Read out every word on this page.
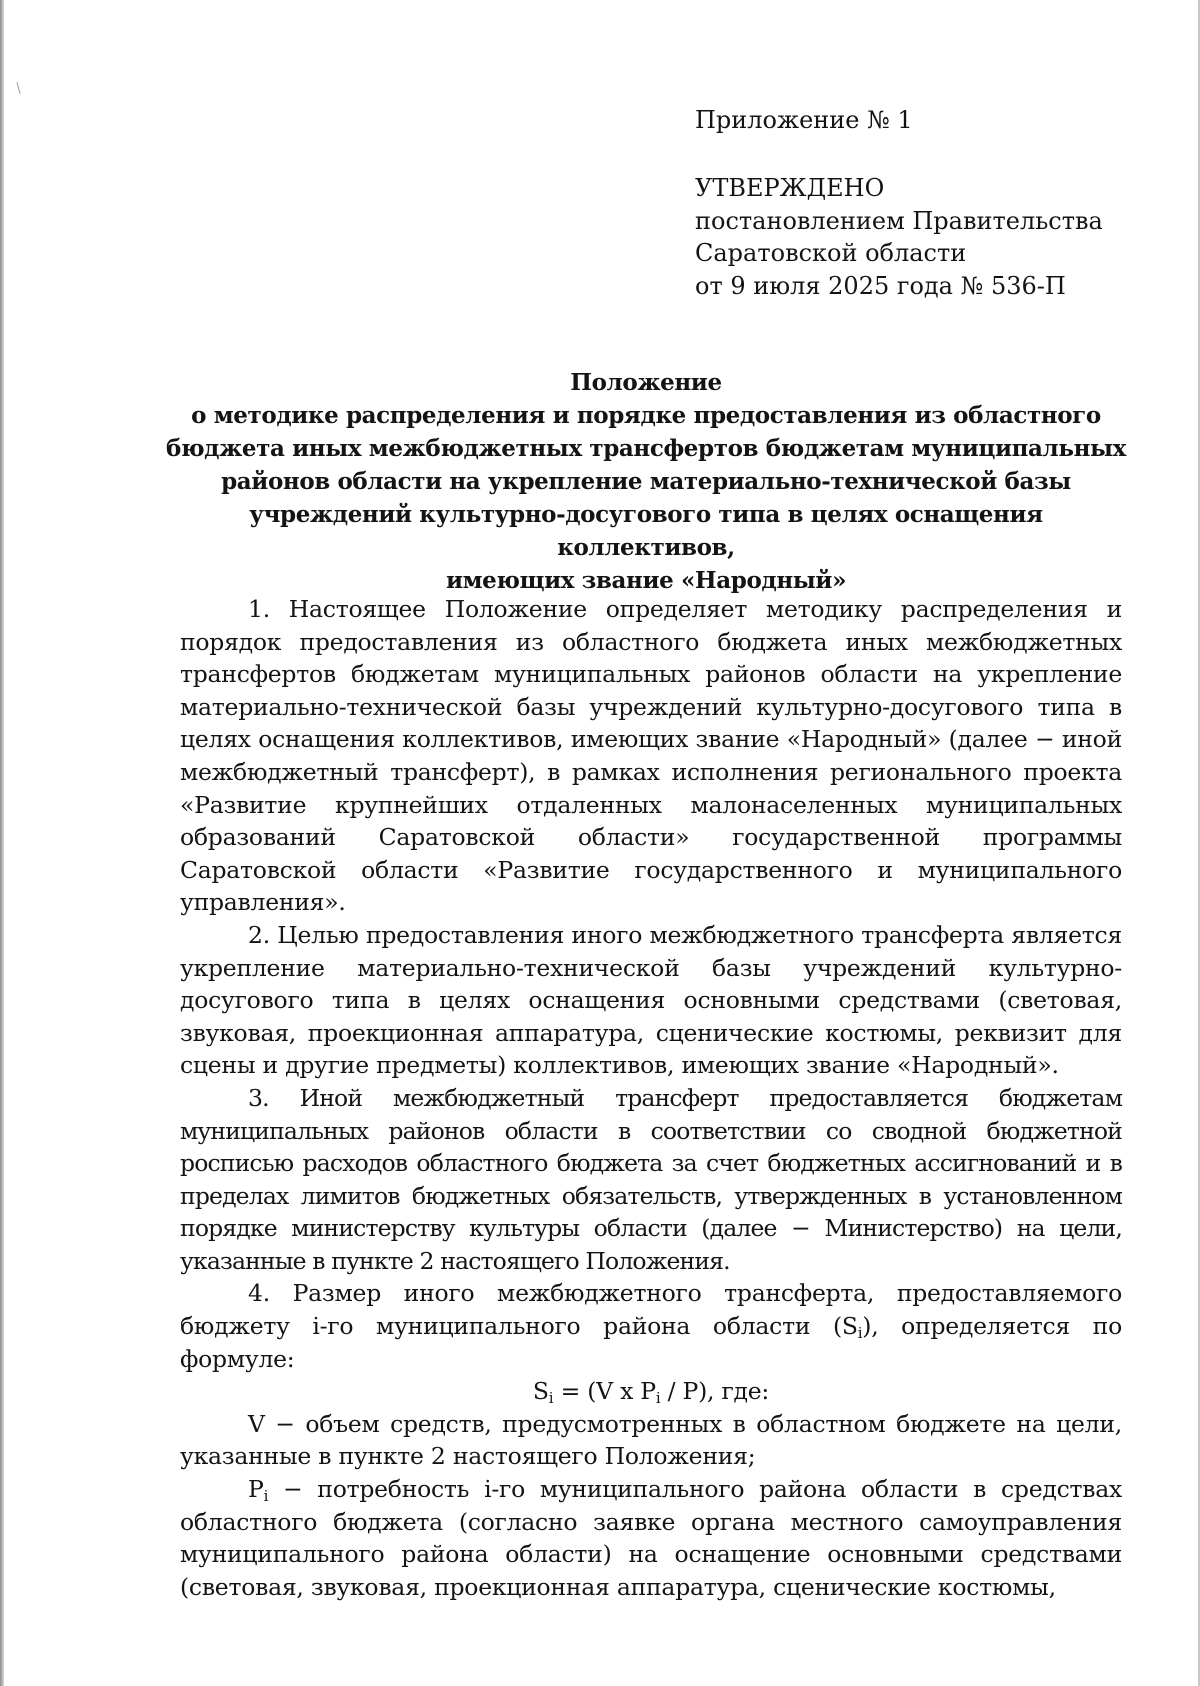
Приложение № 1
УТВЕРЖДЕНО
постановлением Правительства
Саратовской области
от 9 июля 2025 года № 536-П
Положение
о методике распределения и порядке предоставления из областного
бюджета иных межбюджетных трансфертов бюджетам муниципальных
районов области на укрепление материально-технической базы
учреждений культурно-досугового типа в целях оснащения коллективов,
имеющих звание «Народный»

1. Настоящее Положение определяет методику распределения и порядок предоставления из областного бюджета иных межбюджетных трансфертов бюджетам муниципальных районов области на укрепление материально-технической базы учреждений культурно-досугового типа в целях оснащения коллективов, имеющих звание «Народный» (далее − иной межбюджетный трансферт), в рамках исполнения регионального проекта «Развитие крупнейших отдаленных малонаселенных муниципальных образований Саратовской области» государственной программы Саратовской области «Развитие государственного и муниципального управления».

2. Целью предоставления иного межбюджетного трансферта является укрепление материально-технической базы учреждений культурно-досугового типа в целях оснащения основными средствами (световая, звуковая, проекционная аппаратура, сценические костюмы, реквизит для сцены и другие предметы) коллективов, имеющих звание «Народный».

3. Иной межбюджетный трансферт предоставляется бюджетам муниципальных районов области в соответствии со сводной бюджетной росписью расходов областного бюджета за счет бюджетных ассигнований и в пределах лимитов бюджетных обязательств, утвержденных в установленном порядке министерству культуры области (далее − Министерство) на цели, указанные в пункте 2 настоящего Положения.

4. Размер иного межбюджетного трансферта, предоставляемого бюджету i-го муниципального района области $(S_i)$, определяется по формуле:

$S_i = (V$ x $P_i / P$), где:

V − объем средств, предусмотренных в областном бюджете на цели, указанные в пункте 2 настоящего Положения;

$P_i$ − потребность i-го муниципального района области в средствах областного бюджета (согласно заявке органа местного самоуправления муниципального района области) на оснащение основными средствами (световая, звуковая, проекционная аппаратура, сценические костюмы,
